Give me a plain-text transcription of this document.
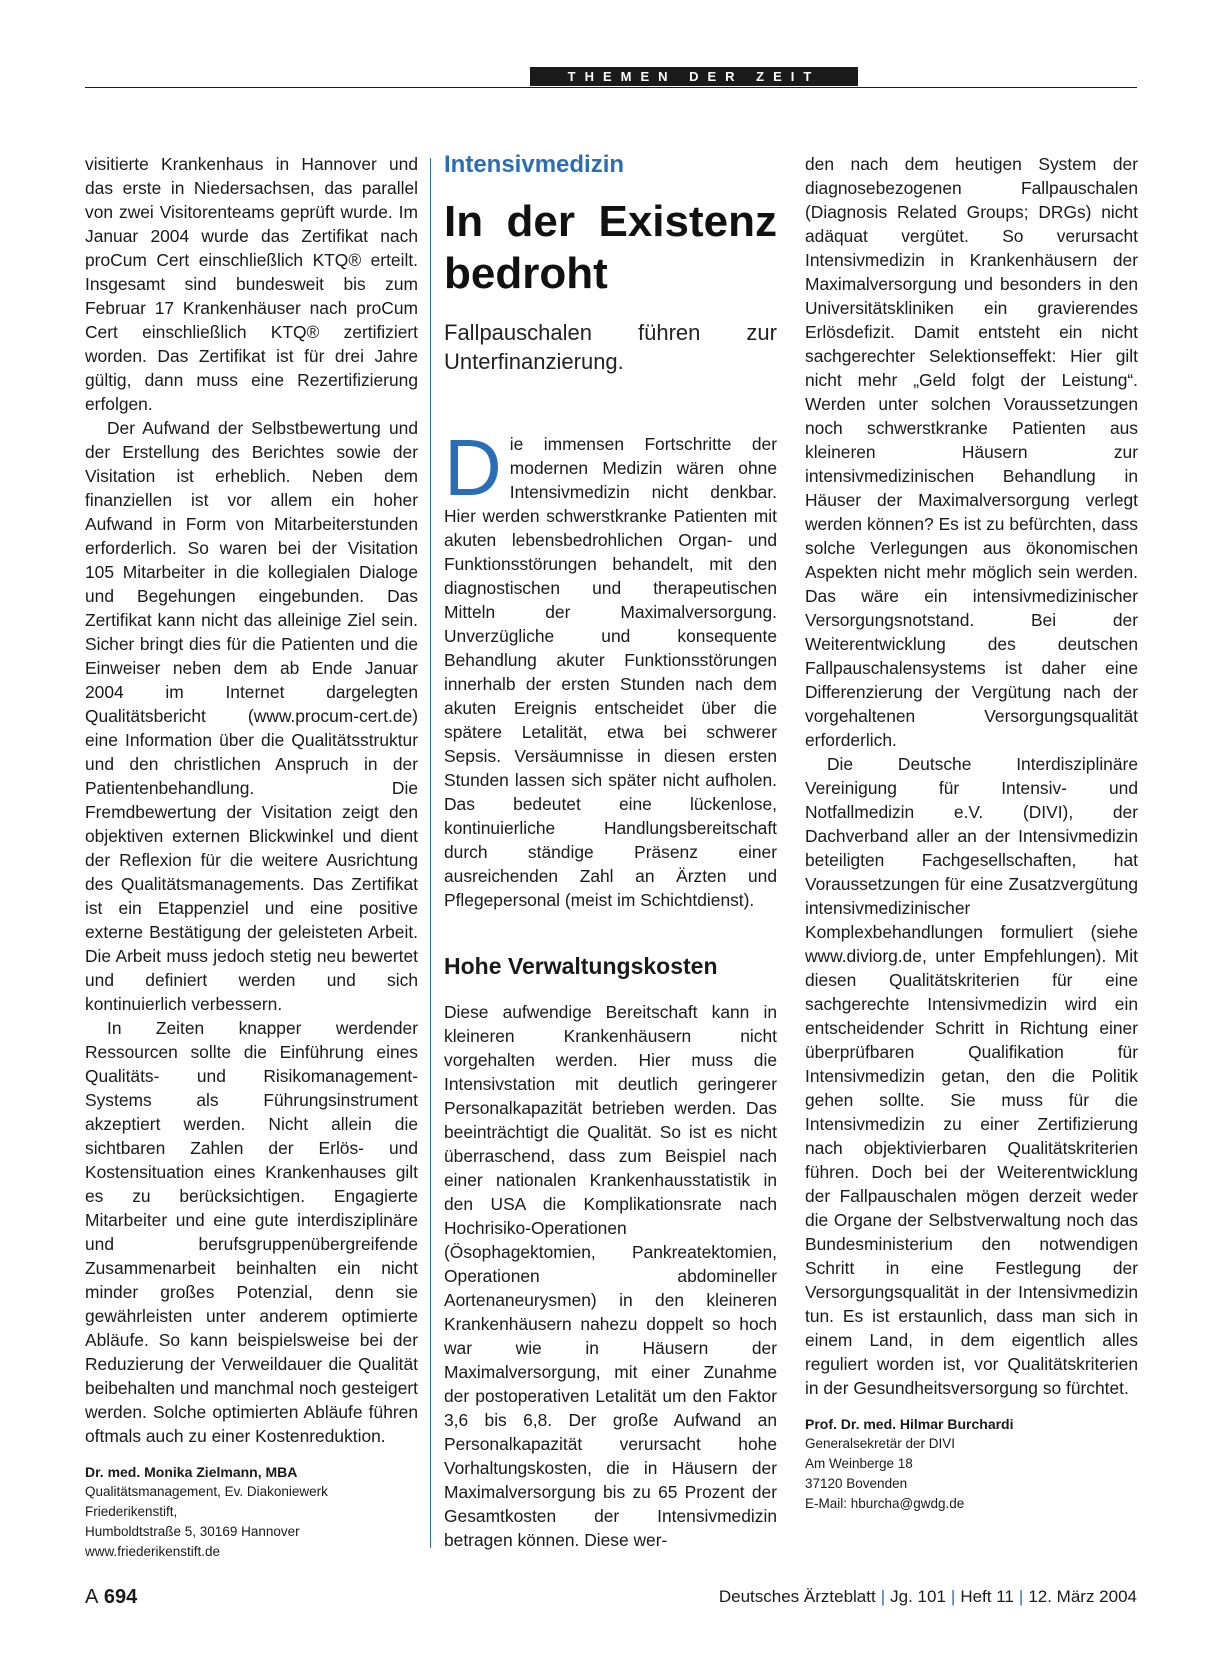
THEMEN DER ZEIT

visitierte Krankenhaus in Hannover und das erste in Niedersachsen, das parallel von zwei Visitorenteams geprüft wurde. Im Januar 2004 wurde das Zertifikat nach proCum Cert einschließlich KTQ® erteilt. Insgesamt sind bundesweit bis zum Februar 17 Krankenhäuser nach proCum Cert einschließlich KTQ® zertifiziert worden. Das Zertifikat ist für drei Jahre gültig, dann muss eine Rezertifizierung erfolgen.

Der Aufwand der Selbstbewertung und der Erstellung des Berichtes sowie der Visitation ist erheblich. Neben dem finanziellen ist vor allem ein hoher Aufwand in Form von Mitarbeiterstunden erforderlich. So waren bei der Visitation 105 Mitarbeiter in die kollegialen Dialoge und Begehungen eingebunden. Das Zertifikat kann nicht das alleinige Ziel sein. Sicher bringt dies für die Patienten und die Einweiser neben dem ab Ende Januar 2004 im Internet dargelegten Qualitätsbericht (www.procum-cert.de) eine Information über die Qualitätsstruktur und den christlichen Anspruch in der Patientenbehandlung. Die Fremdbewertung der Visitation zeigt den objektiven externen Blickwinkel und dient der Reflexion für die weitere Ausrichtung des Qualitätsmanagements. Das Zertifikat ist ein Etappenziel und eine positive externe Bestätigung der geleisteten Arbeit. Die Arbeit muss jedoch stetig neu bewertet und definiert werden und sich kontinuierlich verbessern.

In Zeiten knapper werdender Ressourcen sollte die Einführung eines Qualitäts- und Risikomanagement-Systems als Führungsinstrument akzeptiert werden. Nicht allein die sichtbaren Zahlen der Erlös- und Kostensituation eines Krankenhauses gilt es zu berücksichtigen. Engagierte Mitarbeiter und eine gute interdisziplinäre und berufsgruppenübergreifende Zusammenarbeit beinhalten ein nicht minder großes Potenzial, denn sie gewährleisten unter anderem optimierte Abläufe. So kann beispielsweise bei der Reduzierung der Verweildauer die Qualität beibehalten und manchmal noch gesteigert werden. Solche optimierten Abläufe führen oftmals auch zu einer Kostenreduktion.

Dr. med. Monika Zielmann, MBA
Qualitätsmanagement, Ev. Diakoniewerk Friederikenstift,
Humboldtstraße 5, 30169 Hannover
www.friederikenstift.de
Intensivmedizin
In der Existenz bedroht
Fallpauschalen führen zur Unterfinanzierung.

Die immensen Fortschritte der modernen Medizin wären ohne Intensivmedizin nicht denkbar. Hier werden schwerstkranke Patienten mit akuten lebensbedrohlichen Organ- und Funktionsstörungen behandelt, mit den diagnostischen und therapeutischen Mitteln der Maximalversorgung. Unverzügliche und konsequente Behandlung akuter Funktionsstörungen innerhalb der ersten Stunden nach dem akuten Ereignis entscheidet über die spätere Letalität, etwa bei schwerer Sepsis. Versäumnisse in diesen ersten Stunden lassen sich später nicht aufholen. Das bedeutet eine lückenlose, kontinuierliche Handlungsbereitschaft durch ständige Präsenz einer ausreichenden Zahl an Ärzten und Pflegepersonal (meist im Schichtdienst).

Hohe Verwaltungskosten

Diese aufwendige Bereitschaft kann in kleineren Krankenhäusern nicht vorgehalten werden. Hier muss die Intensivstation mit deutlich geringerer Personalkapazität betrieben werden. Das beeinträchtigt die Qualität. So ist es nicht überraschend, dass zum Beispiel nach einer nationalen Krankenhausstatistik in den USA die Komplikationsrate nach Hochrisiko-Operationen (Ösophagektomien, Pankreatektomien, Operationen abdomineller Aortenaneurysmen) in den kleineren Krankenhäusern nahezu doppelt so hoch war wie in Häusern der Maximalversorgung, mit einer Zunahme der postoperativen Letalität um den Faktor 3,6 bis 6,8. Der große Aufwand an Personalkapazität verursacht hohe Vorhaltungskosten, die in Häusern der Maximalversorgung bis zu 65 Prozent der Gesamtkosten der Intensivmedizin betragen können. Diese wer-

den nach dem heutigen System der diagnosebezogenen Fallpauschalen (Diagnosis Related Groups; DRGs) nicht adäquat vergütet. So verursacht Intensivmedizin in Krankenhäusern der Maximalversorgung und besonders in den Universitätskliniken ein gravierendes Erlösdefizit. Damit entsteht ein nicht sachgerechter Selektionseffekt: Hier gilt nicht mehr „Geld folgt der Leistung“. Werden unter solchen Voraussetzungen noch schwerstkranke Patienten aus kleineren Häusern zur intensivmedizinischen Behandlung in Häuser der Maximalversorgung verlegt werden können? Es ist zu befürchten, dass solche Verlegungen aus ökonomischen Aspekten nicht mehr möglich sein werden. Das wäre ein intensivmedizinischer Versorgungsnotstand. Bei der Weiterentwicklung des deutschen Fallpauschalensystems ist daher eine Differenzierung der Vergütung nach der vorgehaltenen Versorgungsqualität erforderlich.

Die Deutsche Interdisziplinäre Vereinigung für Intensiv- und Notfallmedizin e.V. (DIVI), der Dachverband aller an der Intensivmedizin beteiligten Fachgesellschaften, hat Voraussetzungen für eine Zusatzvergütung intensivmedizinischer Komplexbehandlungen formuliert (siehe www.diviorg.de, unter Empfehlungen). Mit diesen Qualitätskriterien für eine sachgerechte Intensivmedizin wird ein entscheidender Schritt in Richtung einer überprüfbaren Qualifikation für Intensivmedizin getan, den die Politik gehen sollte. Sie muss für die Intensivmedizin zu einer Zertifizierung nach objektivierbaren Qualitätskriterien führen. Doch bei der Weiterentwicklung der Fallpauschalen mögen derzeit weder die Organe der Selbstverwaltung noch das Bundesministerium den notwendigen Schritt in eine Festlegung der Versorgungsqualität in der Intensivmedizin tun. Es ist erstaunlich, dass man sich in einem Land, in dem eigentlich alles reguliert worden ist, vor Qualitätskriterien in der Gesundheitsversorgung so fürchtet.

Prof. Dr. med. Hilmar Burchardi
Generalsekretär der DIVI
Am Weinberge 18
37120 Bovenden
E-Mail: hburcha@gwdg.de
A 694	Deutsches Ärzteblatt | Jg. 101 | Heft 11 | 12. März 2004
